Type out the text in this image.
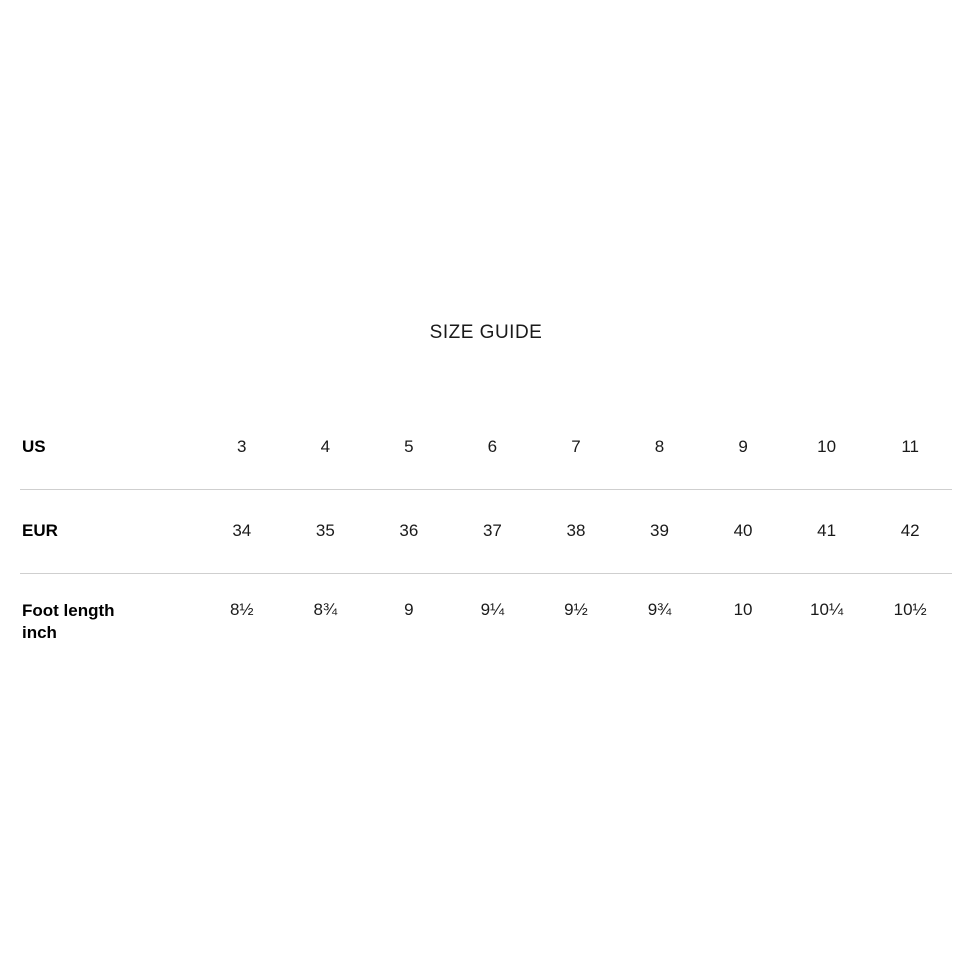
SIZE GUIDE
US	3	4	5	6	7	8	9	10	11
EUR	34	35	36	37	38	39	40	41	42
Foot length
inch	8½	8¾	9	9¼	9½	9¾	10	10¼	10½
